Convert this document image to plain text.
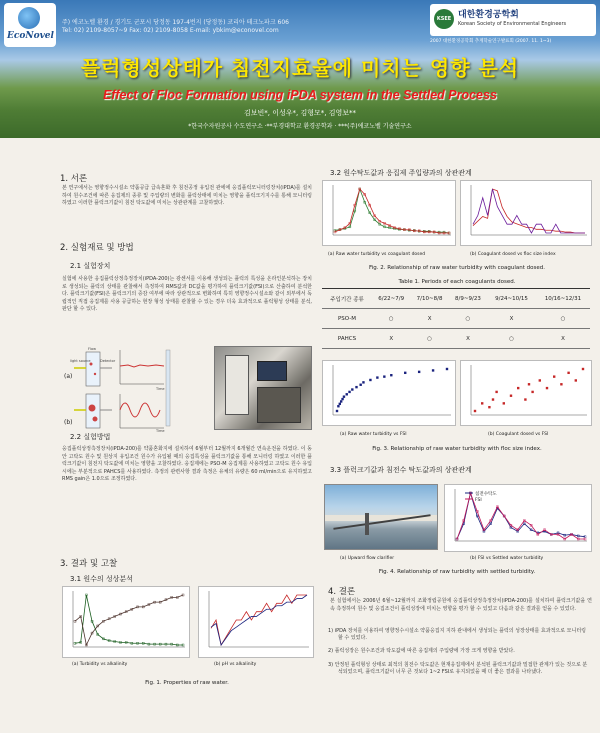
EcoNovel
주) 에코노벨 환경 / 경기도 군포시 당정동 197-4번지 (당정동) 코리아 테크노파크 606
Tel: 02) 2109-8057~9 Fax: 02) 2109-8058 E-mail: ybkim@econovel.com
KSEE 대한환경공학회
Korean Society of Environmental Engineers
2007 대한환경공학회 추계학술연구발표회 (2007. 11. 1~3)
플럭형성상태가 침전지효율에 미치는 영향 분석
Effect of Floc Formation using iPDA system in the Settled Process
김보빈*, 이성우*, 김형모*, 김영보**
*한국수자원공사 수도연구소 ·**부경대학교 환경공학과 · ***(주)에코노벨 기술연구소
1. 서론
본 연구에서는 영향정수시설소 약품공급 급속혼화 후 침전공정 유입전 관에에 응집플럭모니터링장치(iPDA)를 설치하여 원수조건에 따른 응집제의 종류 및 주입량의 변화를 플럭상태에 미치는 영향을 플럭크기지수를 통해 모니터링 하였고 이러한 플럭크기값이 침전 탁도값에 미치는 상관관계를 고찰하였다.
2. 실험재료 및 방법
2.1 실험장치
실험에 사용한 응집플럭상정측정장치(iPDA-200)는 광센서를 이용해 생성되는 플럭의 특성을 온라인분석하는 장치로 생성되는 플럭의 상태를 관찰해서 측정하여 RMS값과 DC값을 평가하여 플럭크기값(FSI)으로 산출하여 분석한다. 플럭크기값(FSI)은 플럭크기의 증감 여부에 따라 상관적으로 변화하며 특히 영향정수시설소와 같이 외부에서 독립적인 직접 응집제를 사용 공급하는 현장 형성 상태를 관찰할 수 있는 경우 더욱 효과적으로 플럭형성 상태를 분석, 판단 할 수 있다.
(a)
(b)
light source	Detector
Flow
Time
Time
2.2 실험방법
응집플럭상정측정장치(iPDA-200)를 약품혼화지에 설치하여 6월부터 12월까지 6개월간 연속운전을 하였다. 이 동안 고탁도 원수 및 원상지 유입조건 원수가 유입될 때의 응집특성을 플럭크기값을 통해 모니터링 하였고 이러한 플럭크기값이 침전지 탁도값에 미치는 영향을 고찰하였다. 응집제에는 PSO-M 응집제를 사용하였고 고탁도 원수 유입시에는 부분적으로 PAHCS를 사용하였다. 측정의 관련사항 결과 측정은 유체의 유량은 60 ml/min으로 유지하였고 RMS gain은 1.0으로 조정하였다.
3. 결과 및 고찰
3.1 원수의 성상분석
(a) Turbidity vs alkalinity	(b) pH vs alkalinity
Fig. 1. Properties of raw water.
3.2 원수탁도값과 응집제 주입량과의 상관관계
(a) Raw water turbidity vs coagulant dosed	(b) Coagulant dosed vs floc size index
Fig. 2. Relationship of raw water turbidity with coagulant dosed.
Table 1. Periods of each coagulants dosed.
주입기간 종류	6/22~7/9	7/10~8/8	8/9~9/23	9/24~10/15	10/16~12/31
PSO-M	○	X	○	X	○
PAHCS	X	○	X	○	X
(a) Raw water turbidity vs FSI	(b) Coagulant dosed vs FSI
Fig. 3. Relationship of raw water turbidity with floc size index.
3.3 플럭크기값과 침전수 탁도값과의 상관관계
침전수탁도
FSI
(a) Upward flow clarifier	(b) FSI vs Settled water turbidity
Fig. 4. Relationship of raw turbidity with settled turbidity.
4. 결론
본 실험에서는 2006년 6월~12월까지 조화정립공원에 응집플럭상정측정장치(iPDA-200)를 설치하여 플럭크기값을 연속 측정하여 원수 및 응집조건이 플럭성장에 미치는 영향을 평가 할 수 있었고 다음과 같은 결과를 얻을 수 있었다.
1) iPDA 장치를 이용하여 영향정수시설소 약품응집지 지하 관내에서 생성되는 플럭의 성장상태를 효과적으로 모니터링 할 수 있었다.
2) 플럭성장은 원수조건과 탁도값에 따른 응집제의 주입량에 가장 크게 영향을 받았다.
3) 안정된 플럭형성 상태로 최적의 침전수 탁도값은 현재응집제에서 분석된 플럭크기값과 밀접한 관계가 있는 것으로 분석되었으며, 플럭크기값이 너무 큰 것보다 1~2 FSI로 유지되었을 때 더 좋은 결과를 나타냈다.
